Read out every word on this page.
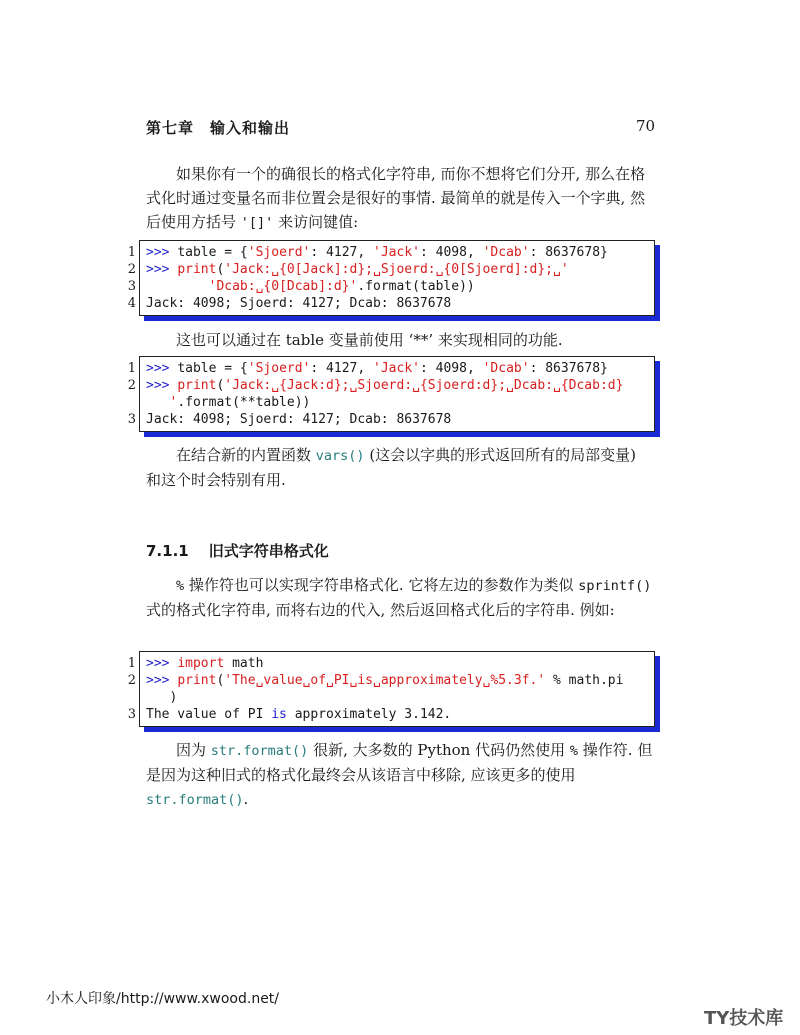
第七章 输入和输出	70
如果你有一个的确很长的格式化字符串, 而你不想将它们分开, 那么在格式化时通过变量名而非位置会是很好的事情. 最简单的就是传入一个字典, 然后使用方括号 '[]' 来访问键值:
1 >>> table = {'Sjoerd': 4127, 'Jack': 4098, 'Dcab': 8637678}
2 >>> print('Jack:␣{0[Jack]:d};␣Sjoerd:␣{0[Sjoerd]:d};␣'
3	'Dcab:␣{0[Dcab]:d}'.format(table))
4 Jack: 4098; Sjoerd: 4127; Dcab: 8637678
这也可以通过在 table 变量前使用 ‘**’ 来实现相同的功能.
1 >>> table = {'Sjoerd': 4127, 'Jack': 4098, 'Dcab': 8637678}
2 >>> print('Jack:␣{Jack:d};␣Sjoerd:␣{Sjoerd:d};␣Dcab:␣{Dcab:d}
'.format(**table))
3 Jack: 4098; Sjoerd: 4127; Dcab: 8637678
在结合新的内置函数 vars() (这会以字典的形式返回所有的局部变量) 和这个时会特别有用.
7.1.1 旧式字符串格式化
% 操作符也可以实现字符串格式化. 它将左边的参数作为类似 sprintf() 式的格式化字符串, 而将右边的代入, 然后返回格式化后的字符串. 例如:
1 >>> import math
2 >>> print('The␣value␣of␣PI␣is␣approximately␣%5.3f.' % math.pi
)
3 The value of PI is approximately 3.142.
因为 str.format() 很新, 大多数的 Python 代码仍然使用 % 操作符. 但是因为这种旧式的格式化最终会从该语言中移除, 应该更多的使用 str.format().
小木人印象/http://www.xwood.net/
TY技术库
